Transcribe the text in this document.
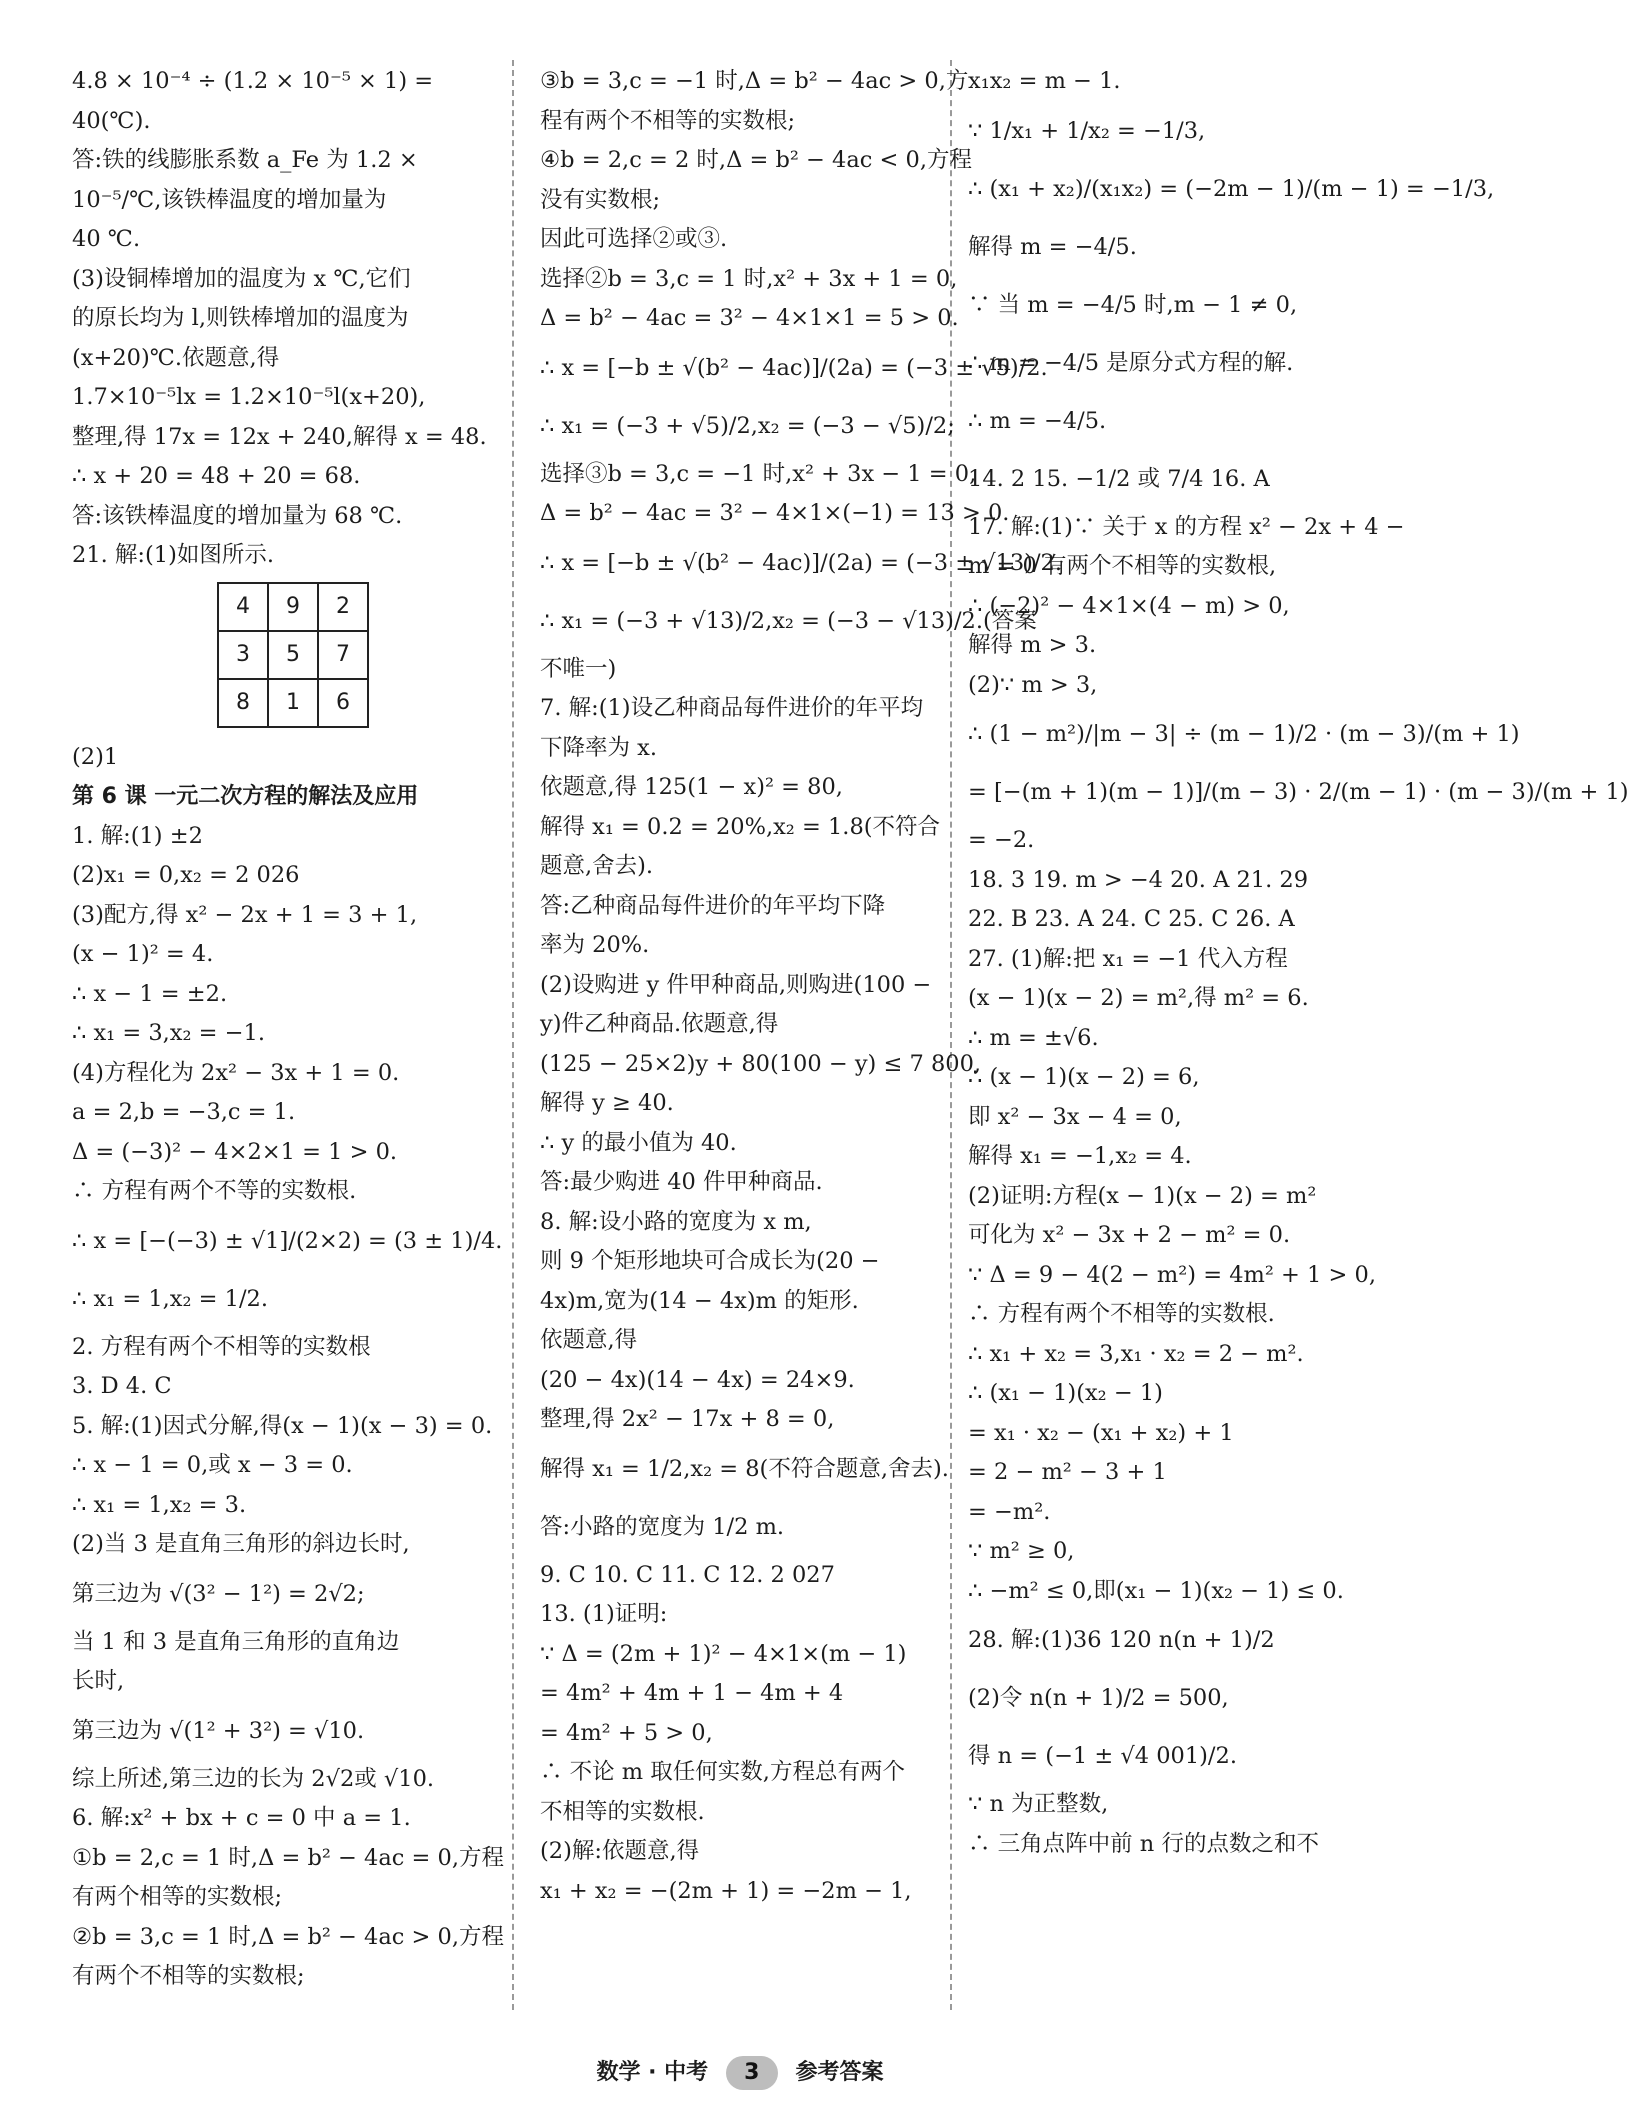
4.8 × 10⁻⁴ ÷ (1.2 × 10⁻⁵ × 1) =
40(℃).
答:铁的线膨胀系数 a_Fe 为 1.2 ×
10⁻⁵/℃,该铁棒温度的增加量为
40 ℃.
(3)设铜棒增加的温度为 x ℃,它们
的原长均为 l,则铁棒增加的温度为
(x+20)℃.依题意,得
1.7×10⁻⁵lx = 1.2×10⁻⁵l(x+20),
整理,得 17x = 12x + 240,解得 x = 48.
∴ x + 20 = 48 + 20 = 68.
答:该铁棒温度的增加量为 68 ℃.
21. 解:(1)如图所示.
4	9	2
3	5	7
8	1	6
(2)1
第 6 课 一元二次方程的解法及应用
1. 解:(1) ±2
(2)x₁ = 0,x₂ = 2 026
(3)配方,得 x² − 2x + 1 = 3 + 1,
(x − 1)² = 4.
∴ x − 1 = ±2.
∴ x₁ = 3,x₂ = −1.
(4)方程化为 2x² − 3x + 1 = 0.
a = 2,b = −3,c = 1.
Δ = (−3)² − 4×2×1 = 1 > 0.
∴ 方程有两个不等的实数根.
∴ x = [−(−3) ± √1]/(2×2) = (3 ± 1)/4.
∴ x₁ = 1,x₂ = 1/2.
2. 方程有两个不相等的实数根
3. D 4. C
5. 解:(1)因式分解,得(x − 1)(x − 3) = 0.
∴ x − 1 = 0,或 x − 3 = 0.
∴ x₁ = 1,x₂ = 3.
(2)当 3 是直角三角形的斜边长时,
第三边为 √(3² − 1²) = 2√2;
当 1 和 3 是直角三角形的直角边
长时,
第三边为 √(1² + 3²) = √10.
综上所述,第三边的长为 2√2或 √10.
6. 解:x² + bx + c = 0 中 a = 1.
①b = 2,c = 1 时,Δ = b² − 4ac = 0,方程
有两个相等的实数根;
②b = 3,c = 1 时,Δ = b² − 4ac > 0,方程
有两个不相等的实数根;
③b = 3,c = −1 时,Δ = b² − 4ac > 0,方
程有两个不相等的实数根;
④b = 2,c = 2 时,Δ = b² − 4ac < 0,方程
没有实数根;
因此可选择②或③.
选择②b = 3,c = 1 时,x² + 3x + 1 = 0,
Δ = b² − 4ac = 3² − 4×1×1 = 5 > 0.
∴ x = [−b ± √(b² − 4ac)]/(2a) = (−3 ± √5)/2.
∴ x₁ = (−3 + √5)/2,x₂ = (−3 − √5)/2;
选择③b = 3,c = −1 时,x² + 3x − 1 = 0,
Δ = b² − 4ac = 3² − 4×1×(−1) = 13 > 0.
∴ x = [−b ± √(b² − 4ac)]/(2a) = (−3 ± √13)/2.
∴ x₁ = (−3 + √13)/2,x₂ = (−3 − √13)/2.(答案
不唯一)
7. 解:(1)设乙种商品每件进价的年平均
下降率为 x.
依题意,得 125(1 − x)² = 80,
解得 x₁ = 0.2 = 20%,x₂ = 1.8(不符合
题意,舍去).
答:乙种商品每件进价的年平均下降
率为 20%.
(2)设购进 y 件甲种商品,则购进(100 −
y)件乙种商品.依题意,得
(125 − 25×2)y + 80(100 − y) ≤ 7 800,
解得 y ≥ 40.
∴ y 的最小值为 40.
答:最少购进 40 件甲种商品.
8. 解:设小路的宽度为 x m,
则 9 个矩形地块可合成长为(20 −
4x)m,宽为(14 − 4x)m 的矩形.
依题意,得
(20 − 4x)(14 − 4x) = 24×9.
整理,得 2x² − 17x + 8 = 0,
解得 x₁ = 1/2,x₂ = 8(不符合题意,舍去).
答:小路的宽度为 1/2 m.
9. C 10. C 11. C 12. 2 027
13. (1)证明:
∵ Δ = (2m + 1)² − 4×1×(m − 1)
= 4m² + 4m + 1 − 4m + 4
= 4m² + 5 > 0,
∴ 不论 m 取任何实数,方程总有两个
不相等的实数根.
(2)解:依题意,得
x₁ + x₂ = −(2m + 1) = −2m − 1,
x₁x₂ = m − 1.
∵ 1/x₁ + 1/x₂ = −1/3,
∴ (x₁ + x₂)/(x₁x₂) = (−2m − 1)/(m − 1) = −1/3,
解得 m = −4/5.
∵ 当 m = −4/5 时,m − 1 ≠ 0,
∴ m = −4/5 是原分式方程的解.
∴ m = −4/5.
14. 2 15. −1/2 或 7/4 16. A
17. 解:(1)∵ 关于 x 的方程 x² − 2x + 4 −
m = 0 有两个不相等的实数根,
∴ (−2)² − 4×1×(4 − m) > 0,
解得 m > 3.
(2)∵ m > 3,
∴ (1 − m²)/|m − 3| ÷ (m − 1)/2 · (m − 3)/(m + 1)
= [−(m + 1)(m − 1)]/(m − 3) · 2/(m − 1) · (m − 3)/(m + 1)
= −2.
18. 3 19. m > −4 20. A 21. 29
22. B 23. A 24. C 25. C 26. A
27. (1)解:把 x₁ = −1 代入方程
(x − 1)(x − 2) = m²,得 m² = 6.
∴ m = ±√6.
∴ (x − 1)(x − 2) = 6,
即 x² − 3x − 4 = 0,
解得 x₁ = −1,x₂ = 4.
(2)证明:方程(x − 1)(x − 2) = m²
可化为 x² − 3x + 2 − m² = 0.
∵ Δ = 9 − 4(2 − m²) = 4m² + 1 > 0,
∴ 方程有两个不相等的实数根.
∴ x₁ + x₂ = 3,x₁ · x₂ = 2 − m².
∴ (x₁ − 1)(x₂ − 1)
= x₁ · x₂ − (x₁ + x₂) + 1
= 2 − m² − 3 + 1
= −m².
∵ m² ≥ 0,
∴ −m² ≤ 0,即(x₁ − 1)(x₂ − 1) ≤ 0.
28. 解:(1)36 120 n(n + 1)/2
(2)令 n(n + 1)/2 = 500,
得 n = (−1 ± √4 001)/2.
∵ n 为正整数,
∴ 三角点阵中前 n 行的点数之和不
数学 · 中考 3 参考答案
